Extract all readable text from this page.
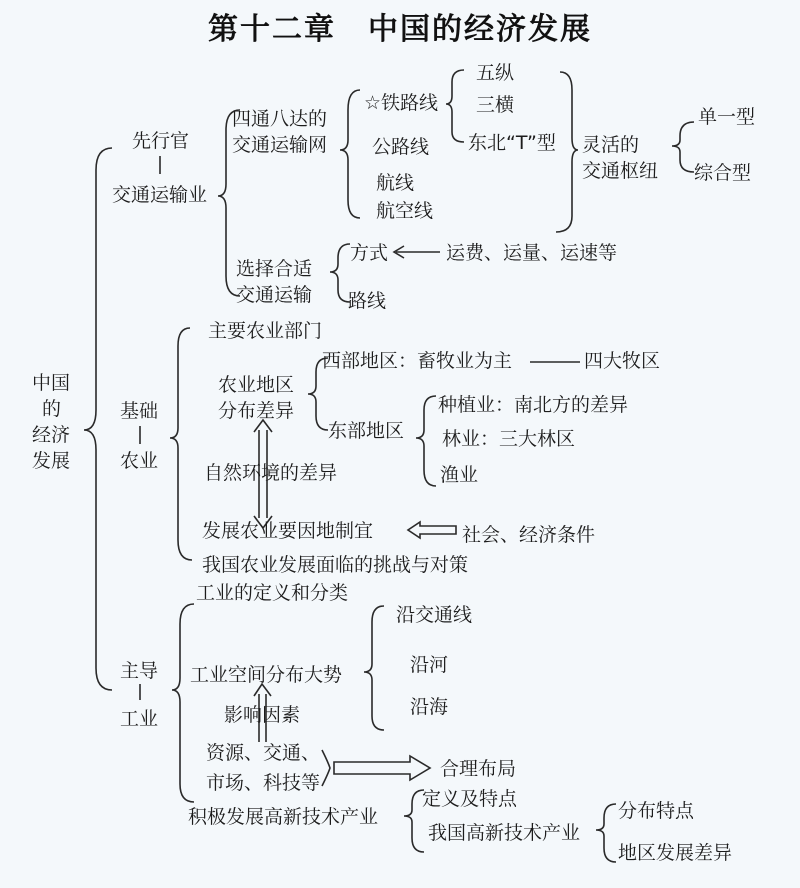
第十二章　中国的经济发展
中国
的
经济
发展
先行官
交通运输业
四通八达的
交通运输网
☆铁路线
五纵
三横
东北“T”型 灵活的
交通枢纽
单一型
综合型
公路线
航线
航空线
选择合适
交通运输
方式	运费、运量、运速等
路线
基础
农业
主要农业部门
农业地区
分布差异
西部地区：畜牧业为主	四大牧区
东部地区
种植业：南北方的差异
林业：三大林区
渔业
自然环境的差异
发展农业要因地制宜	社会、经济条件
我国农业发展面临的挑战与对策
主导
工业
工业的定义和分类
工业空间分布大势
沿交通线
沿河
沿海
影响因素
资源、交通、
市场、科技等
合理布局
积极发展高新技术产业
定义及特点
我国高新技术产业
分布特点
地区发展差异
